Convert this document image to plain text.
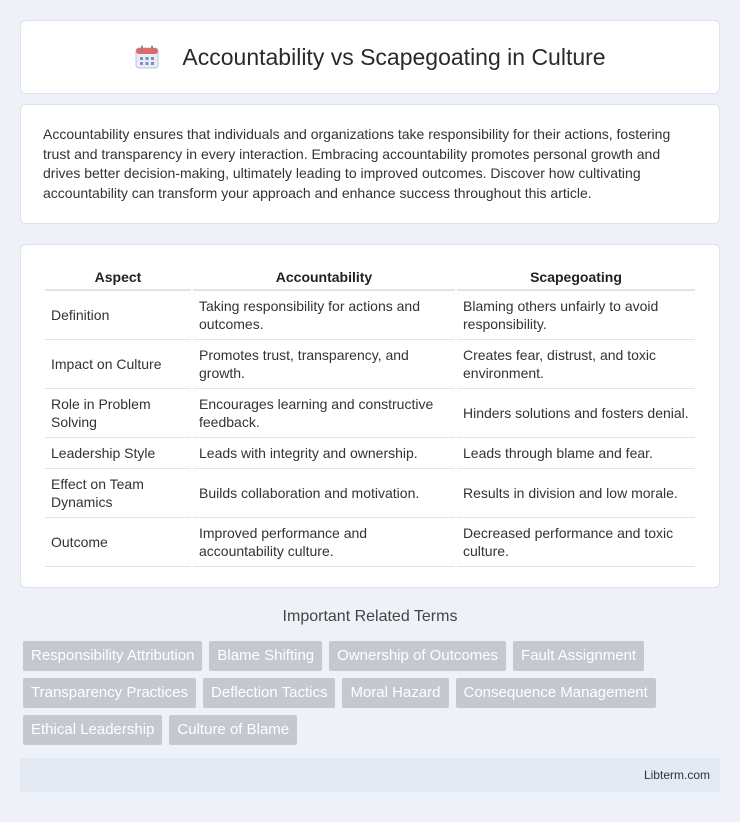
Accountability vs Scapegoating in Culture

Accountability ensures that individuals and organizations take responsibility for their actions, fostering trust and transparency in every interaction. Embracing accountability promotes personal growth and drives better decision-making, ultimately leading to improved outcomes. Discover how cultivating accountability can transform your approach and enhance success throughout this article.

Aspect	Accountability	Scapegoating
Definition	Taking responsibility for actions and outcomes.	Blaming others unfairly to avoid responsibility.
Impact on Culture	Promotes trust, transparency, and growth.	Creates fear, distrust, and toxic environment.
Role in Problem Solving	Encourages learning and constructive feedback.	Hinders solutions and fosters denial.
Leadership Style	Leads with integrity and ownership.	Leads through blame and fear.
Effect on Team Dynamics	Builds collaboration and motivation.	Results in division and low morale.
Outcome	Improved performance and accountability culture.	Decreased performance and toxic culture.
Important Related Terms
Responsibility Attribution	Blame Shifting	Ownership of Outcomes	Fault Assignment
Transparency Practices	Deflection Tactics	Moral Hazard	Consequence Management
Ethical Leadership	Culture of Blame
Libterm.com
